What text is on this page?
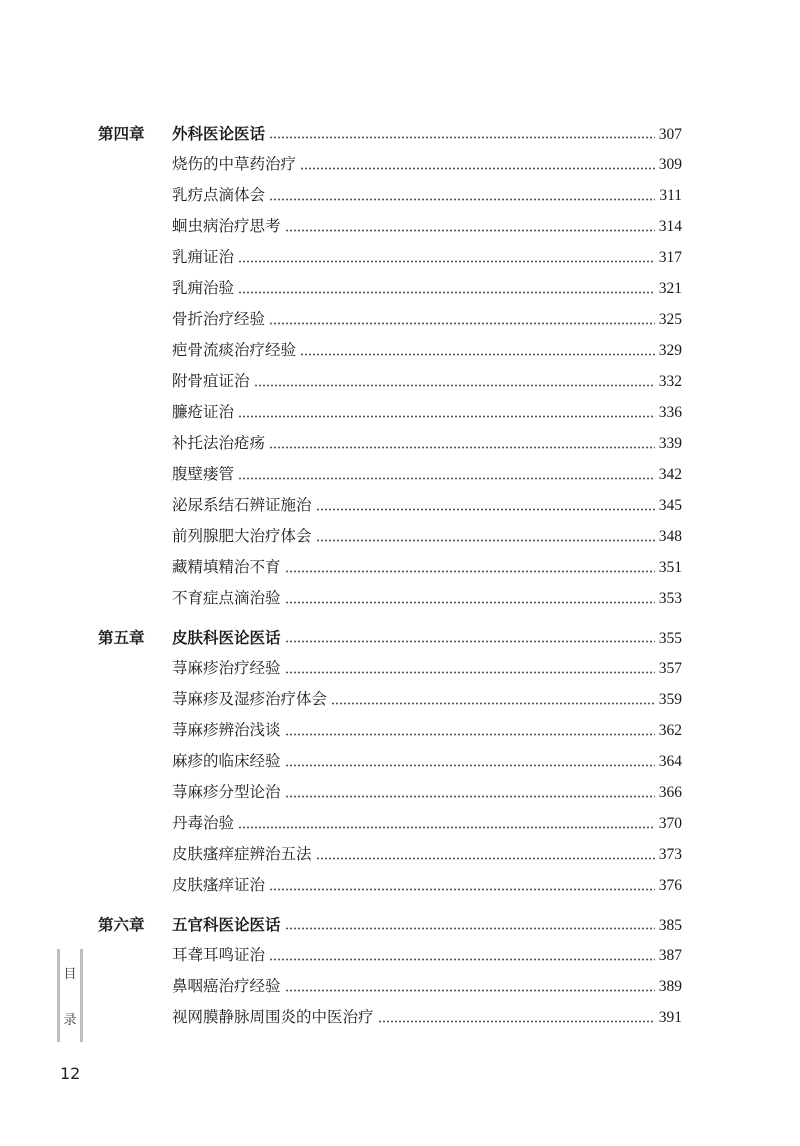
第四章	外科医论医话	307
烧伤的中草药治疗	309
乳疠点滴体会	311
蛔虫病治疗思考	314
乳痈证治	317
乳痈治验	321
骨折治疗经验	325
疤骨流痰治疗经验	329
附骨疽证治	332
臁疮证治	336
补托法治疮疡	339
腹壁瘘管	342
泌尿系结石辨证施治	345
前列腺肥大治疗体会	348
藏精填精治不育	351
不育症点滴治验	353
第五章	皮肤科医论医话	355
荨麻疹治疗经验	357
荨麻疹及湿疹治疗体会	359
荨麻疹辨治浅谈	362
麻疹的临床经验	364
荨麻疹分型论治	366
丹毒治验	370
皮肤瘙痒症辨治五法	373
皮肤瘙痒证治	376
第六章	五官科医论医话	385
耳聋耳鸣证治	387
鼻咽癌治疗经验	389
视网膜静脉周围炎的中医治疗	391
目
录
12
